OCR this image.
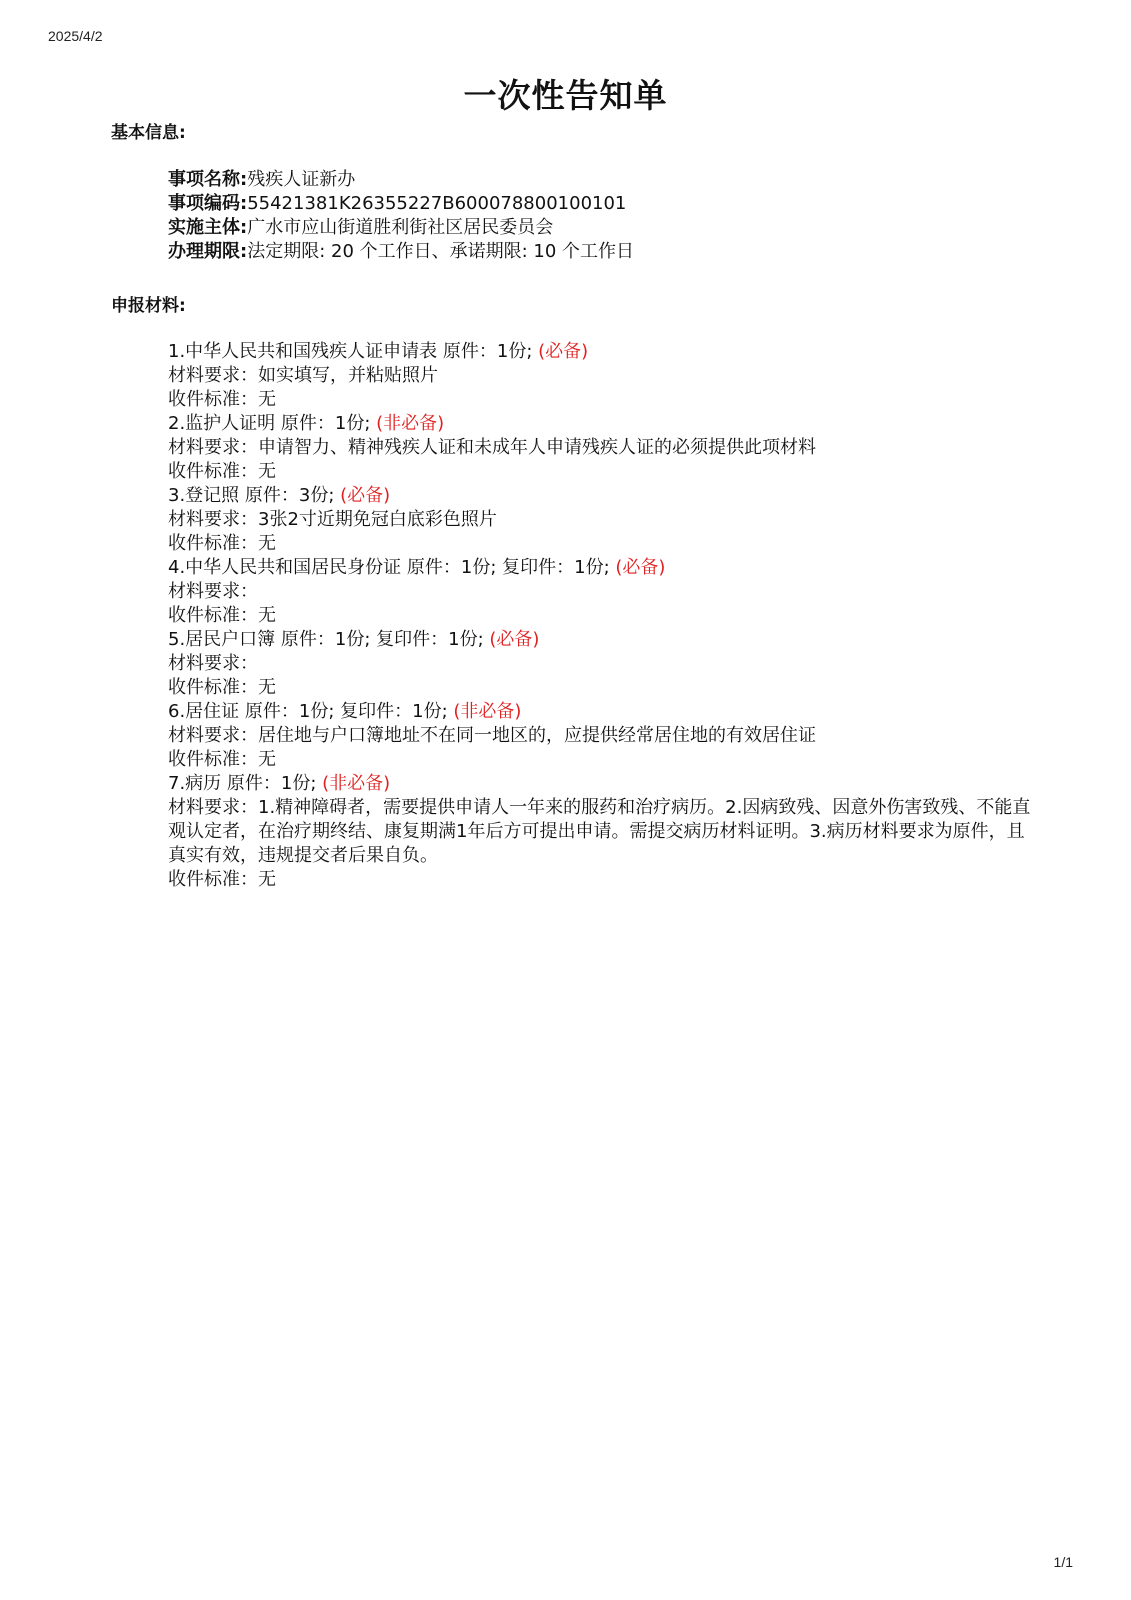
2025/4/2
一次性告知单
基本信息:
事项名称:残疾人证新办
事项编码:55421381K26355227B600078800100101
实施主体:广水市应山街道胜利街社区居民委员会
办理期限:法定期限: 20 个工作日、承诺期限: 10 个工作日
申报材料:
1.中华人民共和国残疾人证申请表 原件：1份; (必备)
材料要求：如实填写，并粘贴照片
收件标准：无
2.监护人证明 原件：1份; (非必备)
材料要求：申请智力、精神残疾人证和未成年人申请残疾人证的必须提供此项材料
收件标准：无
3.登记照 原件：3份; (必备)
材料要求：3张2寸近期免冠白底彩色照片
收件标准：无
4.中华人民共和国居民身份证 原件：1份; 复印件：1份; (必备)
材料要求：
收件标准：无
5.居民户口簿 原件：1份; 复印件：1份; (必备)
材料要求：
收件标准：无
6.居住证 原件：1份; 复印件：1份; (非必备)
材料要求：居住地与户口簿地址不在同一地区的，应提供经常居住地的有效居住证
收件标准：无
7.病历 原件：1份; (非必备)
材料要求：1.精神障碍者，需要提供申请人一年来的服药和治疗病历。2.因病致残、因意外伤害致残、不能直观认定者，在治疗期终结、康复期满1年后方可提出申请。需提交病历材料证明。3.病历材料要求为原件，且真实有效，违规提交者后果自负。
收件标准：无
1/1
